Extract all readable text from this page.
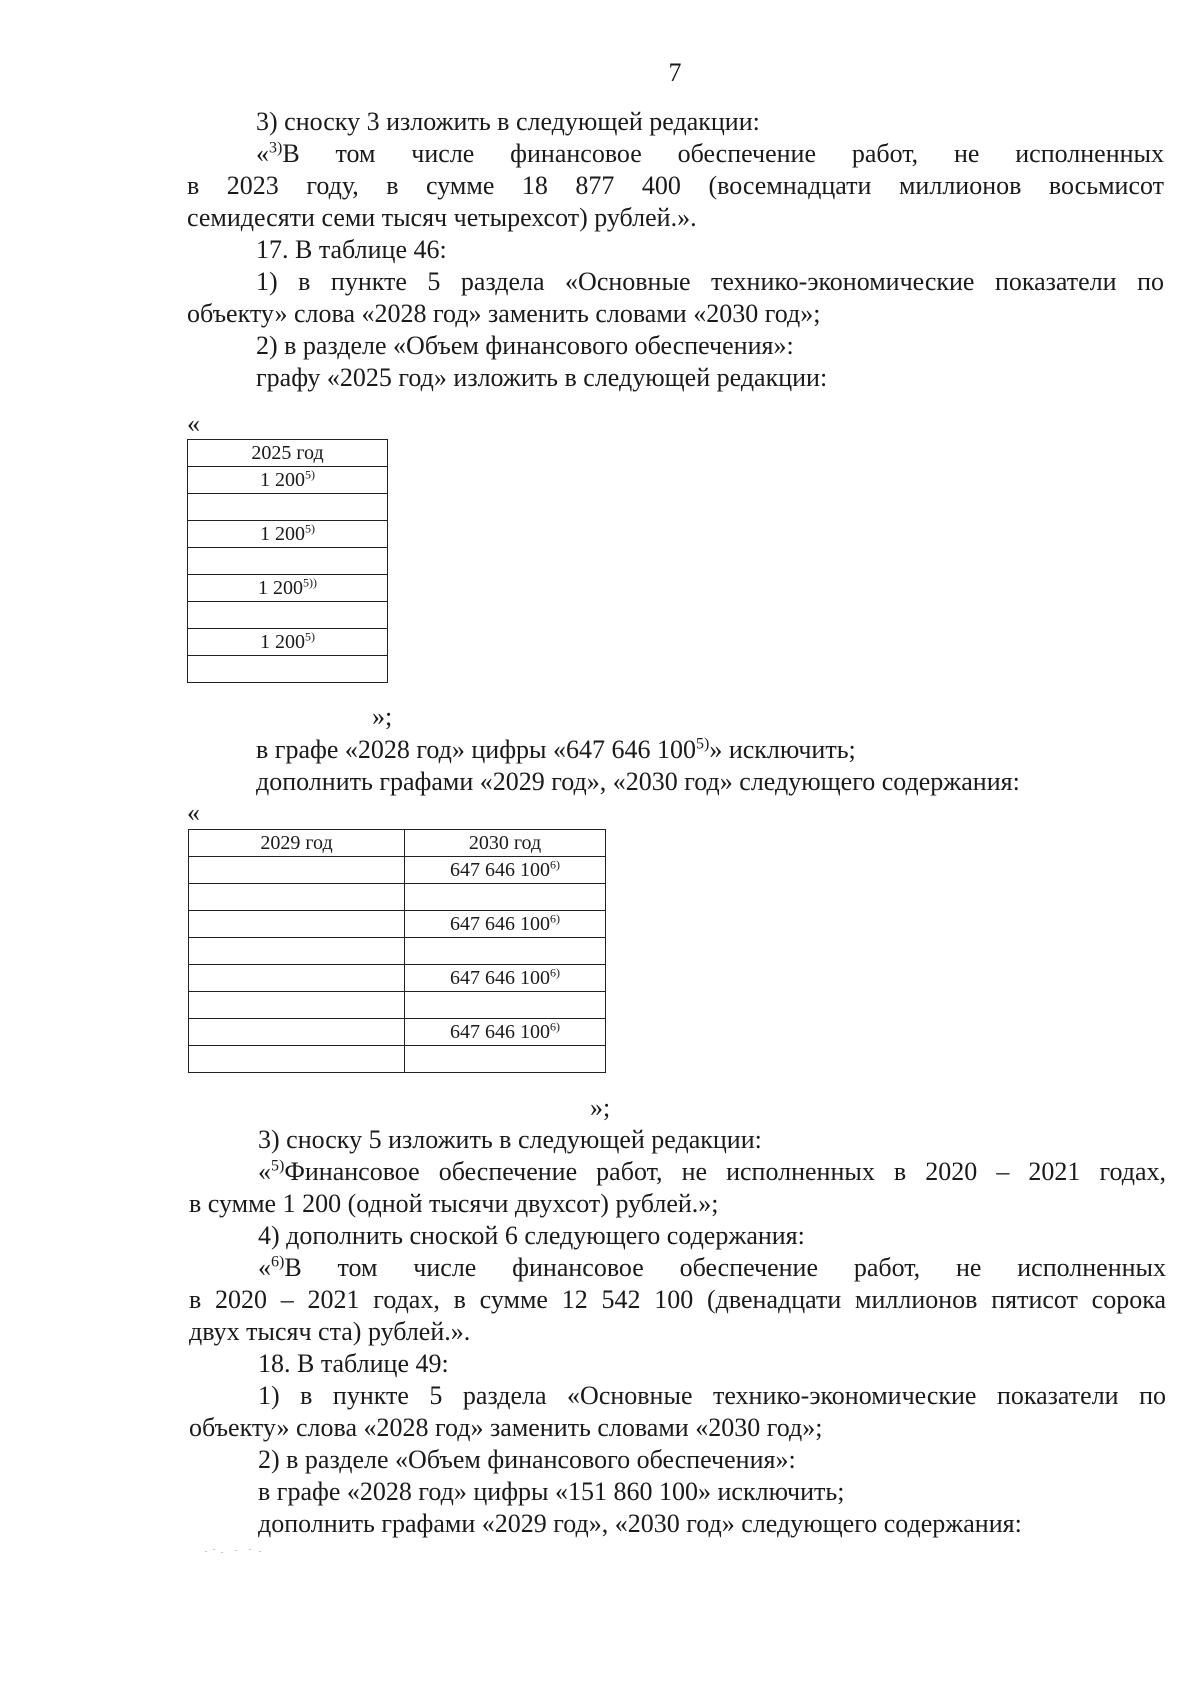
7

3) сноску 3 изложить в следующей редакции:

«$^{3)}$В том числе финансовое обеспечение работ, не исполненных

в 2023 году, в сумме 18 877 400 (восемнадцати миллионов восьмисот

семидесяти семи тысяч четырехсот) рублей.».

17. В таблице 46:

1) в пункте 5 раздела «Основные технико-экономические показатели по

объекту» слова «2028 год» заменить словами «2030 год»;

2) в разделе «Объем финансового обеспечения»:

графу «2025 год» изложить в следующей редакции:

«
2025 год
1 200$^{5)}$

1 200$^{5)}$

1 $200^{5))}$

1 200$^{5)}$

»;

в графе «2028 год» цифры «647 646 100$^{5)}$» исключить;

дополнить графами «2029 год», «2030 год» следующего содержания:

«
2029 год	2030 год
	647 646 100$^{6)}$

	647 646 100$^{6)}$

	647 646 100$^{6)}$

	647 646 100$^{6)}$

»;

3) сноску 5 изложить в следующей редакции:

«$^{5)}$Финансовое обеспечение работ, не исполненных в 2020 – 2021 годах,

в сумме 1 200 (одной тысячи двухсот) рублей.»;

4) дополнить сноской 6 следующего содержания:

«$^{6)}$В том числе финансовое обеспечение работ, не исполненных

в 2020 – 2021 годах, в сумме 12 542 100 (двенадцати миллионов пятисот сорока

двух тысяч ста) рублей.».

18. В таблице 49:

1) в пункте 5 раздела «Основные технико-экономические показатели по

объекту» слова «2028 год» заменить словами «2030 год»;

2) в разделе «Объем финансового обеспечения»:

в графе «2028 год» цифры «151 860 100» исключить;

дополнить графами «2029 год», «2030 год» следующего содержания:
